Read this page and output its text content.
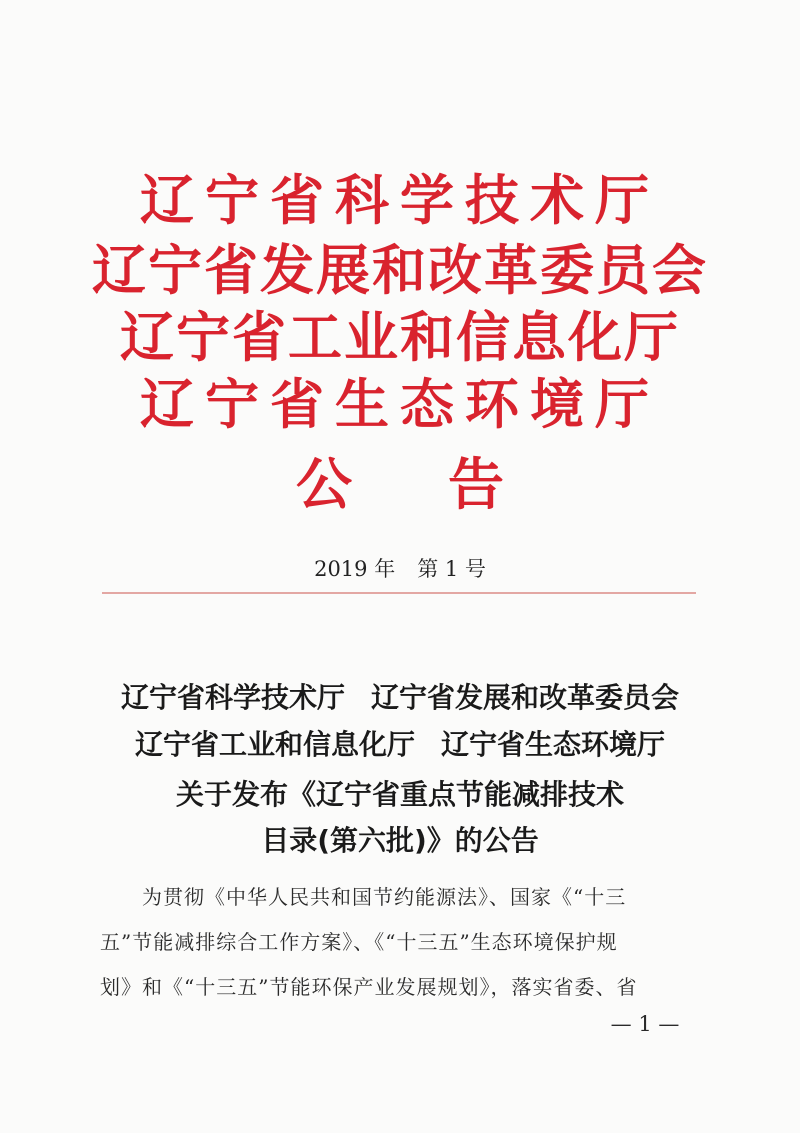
辽宁省科学技术厅
辽宁省发展和改革委员会
辽宁省工业和信息化厅
辽宁省生态环境厅
公告
2019 年 第 1 号
辽宁省科学技术厅 辽宁省发展和改革委员会
辽宁省工业和信息化厅 辽宁省生态环境厅
关于发布《辽宁省重点节能减排技术
目录(第六批)》的公告
为贯彻《中华人民共和国节约能源法》、国家《“十三
五”节能减排综合工作方案》、《“十三五”生态环境保护规
划》和《“十三五”节能环保产业发展规划》，落实省委、省
— 1 —
